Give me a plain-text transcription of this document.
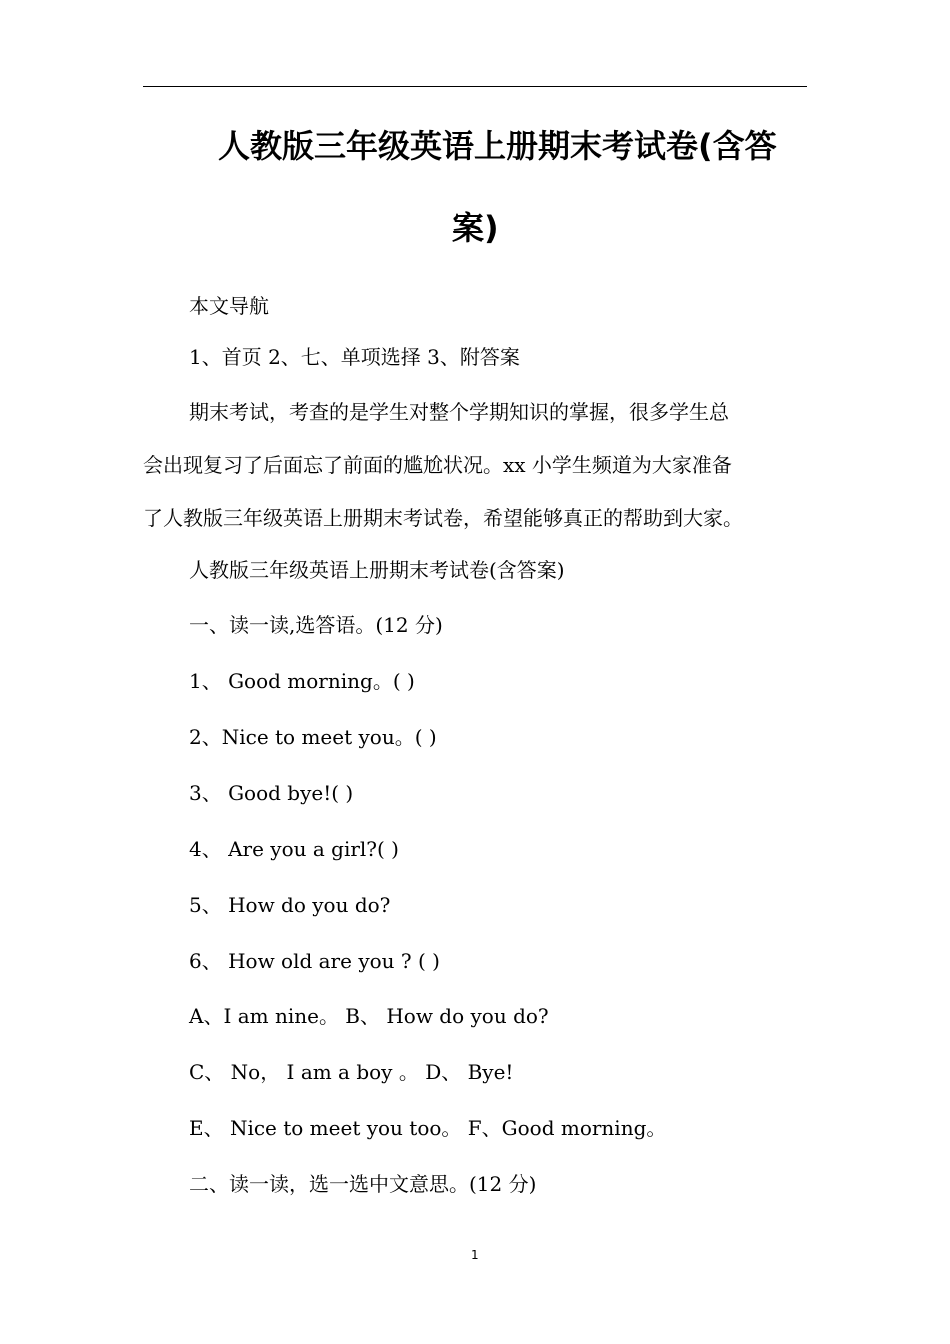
人教版三年级英语上册期末考试卷(含答
案)
本文导航
1、首页 2、七、单项选择 3、附答案
期末考试，考查的是学生对整个学期知识的掌握，很多学生总
会出现复习了后面忘了前面的尴尬状况。xx 小学生频道为大家准备
了人教版三年级英语上册期末考试卷，希望能够真正的帮助到大家。
人教版三年级英语上册期末考试卷(含答案)
一、读一读,选答语。(12 分)
1、 Good morning。( )
2、Nice to meet you。( )
3、 Good bye!( )
4、 Are you a girl?( )
5、 How do you do?
6、 How old are you ? ( )
A、I am nine。 B、 How do you do?
C、 No， I am a boy 。 D、 Bye!
E、 Nice to meet you too。 F、Good morning。
二、读一读，选一选中文意思。(12 分)
1
